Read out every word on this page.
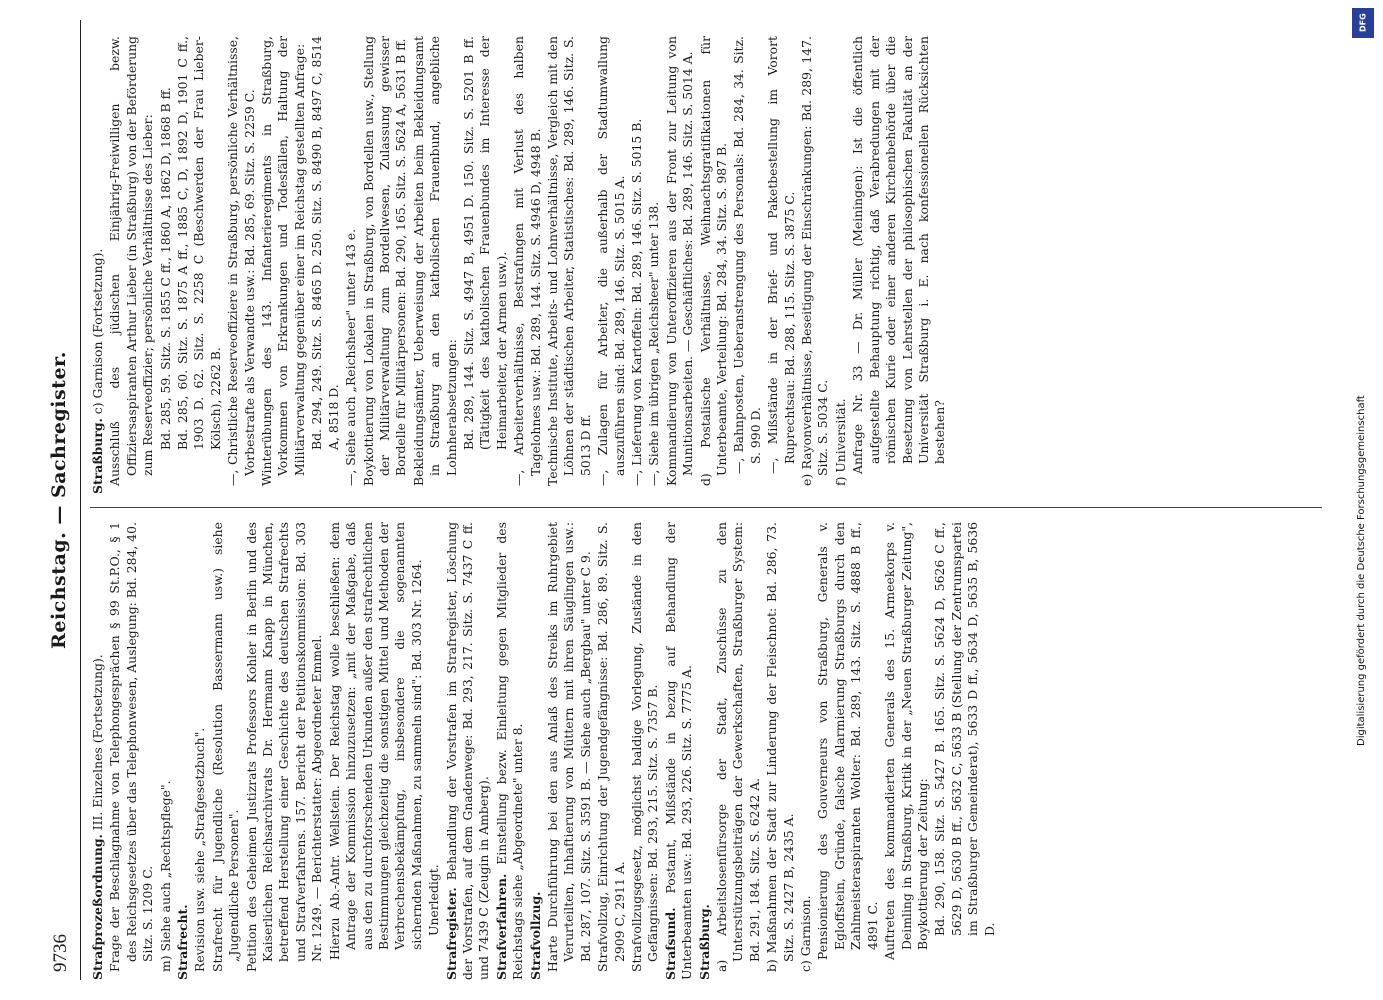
9736
Reichstag. — Sachregister.

Strafprozeßordnung. III. Einzelnes (Fortsetzung). Frage der Beschlagnahme von Telephongesprächen § 99 St.P.O., § 1 des Reichsgesetzes über das Telephonwesen, Auslegung: Bd. 284, 40. Sitz. S. 1209 C. m) Siehe auch „Rechtspflege". Strafrecht. Revision usw. siehe „Strafgesetzbuch". Strafrecht für Jugendliche (Resolution Bassermann usw.) siehe „Jugendliche Personen". Petition des Geheimen Justizrats Professors Kohler in Berlin und des Kaiserlichen Reichsarchivrats Dr. Hermann Knapp in München, betreffend Herstellung einer Geschichte des deutschen Strafrechts und Strafverfahrens. 157. Bericht der Petitionskommission: Bd. 303 Nr. 1249. — Berichterstatter: Abgeordneter Emmel. Hierzu Ab.-Antr. Wellstein. Der Reichstag wolle beschließen: dem Antrage der Kommission hinzuzusetzen: „mit der Maßgabe, daß aus den zu durchforschenden Urkunden außer den strafrechtlichen Bestimmungen gleichzeitig die sonstigen Mittel und Methoden der Verbrechensbekämpfung, insbesondere die sogenannten sichernden Maßnahmen, zu sammeln sind": Bd. 303 Nr. 1264. Unerledigt. Strafregister. Behandlung der Vorstrafen im Strafregister, Löschung der Vorstrafen, auf dem Gnadenwege: Bd. 293, 217. Sitz. S. 7437 C ff. und 7439 C (Zeugin in Amberg). Strafverfahren. Einstellung bezw. Einleitung gegen Mitglieder des Reichstags siehe „Abgeordnete" unter 8. Strafvollzug. Harte Durchführung bei den aus Anlaß des Streiks im Ruhrgebiet Verurteilten, Inhaftierung von Müttern mit ihren Säuglingen usw.: Bd. 287, 107. Sitz. S. 3591 B. — Siehe auch „Bergbau" unter C 9. Strafvollzug, Einrichtung der Jugendgefängnisse: Bd. 286, 89. Sitz. S. 2909 C, 2911 A. Strafvollzugsgesetz, möglichst baldige Vorlegung, Zustände in den Gefängnissen: Bd. 293, 215. Sitz. S. 7357 B. Strafsund. Postamt, Mißstände in bezug auf Behandlung der Unterbeamten usw.: Bd. 293, 226. Sitz. S. 7775 A. Straßburg. a) Arbeitslosenfürsorge der Stadt, Zuschüsse zu den Unterstützungsbeiträgen der Gewerkschaften, Straßburger System: Bd. 291, 184. Sitz. S. 6242 A. b) Maßnahmen der Stadt zur Linderung der Fleischnot: Bd. 286, 73. Sitz. S. 2427 B, 2435 A. c) Garnison. Pensionierung des Gouverneurs von Straßburg, Generals v. Egloffstein, Gründe, falsche Alarmierung Straßburgs durch den Zahlmeisteraspiranten Wolter: Bd. 289, 143. Sitz. S. 4888 B ff., 4891 C. Auftreten des kommandierten Generals des 15. Armeekorps v. Deimling in Straßburg, Kritik in der „Neuen Straßburger Zeitung", Boykottierung der Zeitung: Bd. 290, 158. Sitz. S. 5427 B. 165. Sitz. S. 5624 D, 5626 C ff., 5629 D, 5630 B ff., 5632 C, 5633 B (Stellung der Zentrumspartei im Straßburger Gemeinderat), 5633 D ff., 5634 D, 5635 B, 5636 D.

Straßburg. c) Garnison (Fortsetzung). Ausschluß des jüdischen Einjährig-Freiwilligen bezw. Offiziersaspiranten Arthur Lieber (in Straßburg) von der Beförderung zum Reserveoffizier; persönliche Verhältnisse des Lieber: Bd. 285, 59. Sitz. S. 1855 C ff., 1860 A, 1862 D, 1868 B ff. Bd. 285, 60. Sitz. S. 1875 A ff., 1885 C, D, 1892 D, 1901 C ff., 1903 D. 62. Sitz. S. 2258 C (Beschwerden der Frau Lieber-Kölsch), 2262 B. —, Christliche Reserveoffiziere in Straßburg, persönliche Verhältnisse, Vorbestrafte als Verwandte usw.: Bd. 285, 69. Sitz. S. 2259 C. Winterübungen des 143. Infanterieregiments in Straßburg, Vorkommen von Erkrankungen und Todesfällen, Haltung der Militärverwaltung gegenüber einer im Reichstag gestellten Anfrage: Bd. 294, 249. Sitz. S. 8465 D. 250. Sitz. S. 8490 B, 8497 C, 8514 A, 8518 D. —, Siehe auch „Reichsheer" unter 143 e. Boykottierung von Lokalen in Straßburg, von Bordellen usw., Stellung der Militärverwaltung zum Bordellwesen, Zulassung gewisser Bordelle für Militärpersonen: Bd. 290, 165. Sitz. S. 5624 A, 5631 B ff. Bekleidungsämter, Ueberweisung der Arbeiten beim Bekleidungsamt in Straßburg an den katholischen Frauenbund, angebliche Lohnherabsetzungen: Bd. 289, 144. Sitz. S. 4947 B, 4951 D. 150. Sitz. S. 5201 B ff. (Tätigkeit des katholischen Frauenbundes im Interesse der Heimarbeiter, der Armen usw.). —, Arbeiterverhältnisse, Bestrafungen mit Verlust des halben Tagelohnes usw.: Bd. 289, 144. Sitz. S. 4946 D, 4948 B. Technische Institute, Arbeits- und Lohnverhältnisse, Vergleich mit den Löhnen der städtischen Arbeiter, Statistisches: Bd. 289, 146. Sitz. S. 5013 D ff. —, Zulagen für Arbeiter, die außerhalb der Stadtumwallung auszuführen sind: Bd. 289, 146. Sitz. S. 5015 A. —, Lieferung von Kartoffeln: Bd. 289, 146. Sitz. S. 5015 B. —, Siehe im übrigen „Reichsheer" unter 138. Kommandierung von Unteroffizieren aus der Front zur Leitung von Munitionsarbeiten. — Geschäftliches: Bd. 289, 146. Sitz. S. 5014 A. d) Postalische Verhältnisse, Weihnachtsgratifikationen für Unterbeamte, Verteilung: Bd. 284, 34. Sitz. S. 987 B. —, Bahnposten, Ueberanstrengung des Personals: Bd. 284, 34. Sitz. S. 990 D. —, Mißstände in der Brief- und Paketbestellung im Vorort Ruprechtsau: Bd. 288, 115. Sitz. S. 3875 C. e) Rayonverhältnisse, Beseitigung der Einschränkungen: Bd. 289, 147. Sitz. S. 5034 C. f) Universität. Anfrage Nr. 33 — Dr. Müller (Meiningen): Ist die öffentlich aufgestellte Behauptung richtig, daß Verabredungen mit der römischen Kurie oder einer anderen Kirchenbehörde über die Besetzung von Lehrstellen der philosophischen Fakultät an der Universität Straßburg i. E. nach konfessionellen Rücksichten bestehen?

DFG
Digitalisierung gefördert durch die Deutsche Forschungsgemeinschaft
